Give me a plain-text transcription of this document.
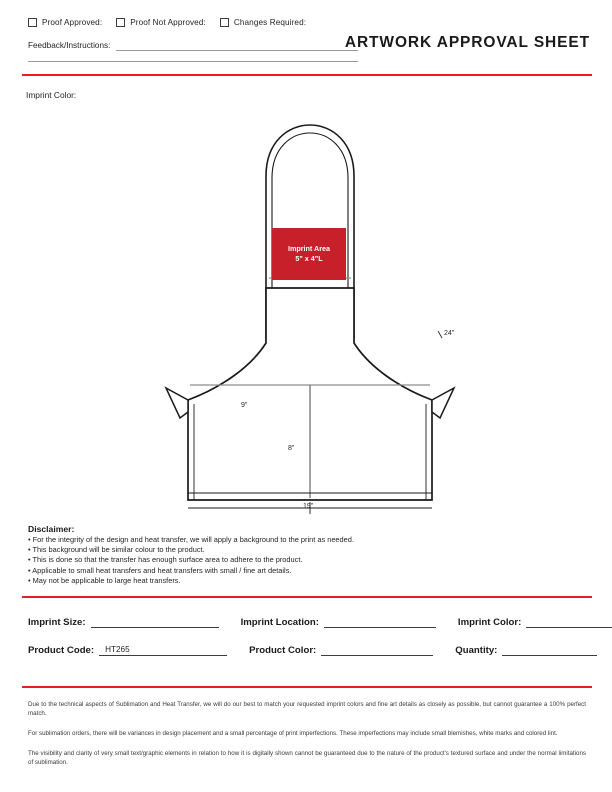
Proof Approved:	Proof Not Approved:	Changes Required:
Feedback/Instructions:	ARTWORK APPROVAL SHEET
Imprint Color:
Imprint Area
5" x 4"L
24"
9"
8"
19"
Disclaimer:
• For the integrity of the design and heat transfer, we will apply a background to the print as needed.
• This background will be similar colour to the product.
• This is done so that the transfer has enough surface area to adhere to the product.
• Applicable to small heat transfers and heat transfers with small / fine art details.
• May not be applicable to large heat transfers.
Imprint Size:	Imprint Location:	Imprint Color:
Product Code: HT265	Product Color:	Quantity:

Due to the technical aspects of Sublimation and Heat Transfer, we will do our best to match your requested imprint colors and fine art details as closely as possible, but cannot guarantee a 100% perfect match.

For sublimation orders, there will be variances in design placement and a small percentage of print imperfections. These imperfections may include small blemishes, white marks and colored lint.

The visibility and clarity of very small text/graphic elements in relation to how it is digitally shown cannot be guaranteed due to the nature of the product's textured surface and under the normal limitations of sublimation.
